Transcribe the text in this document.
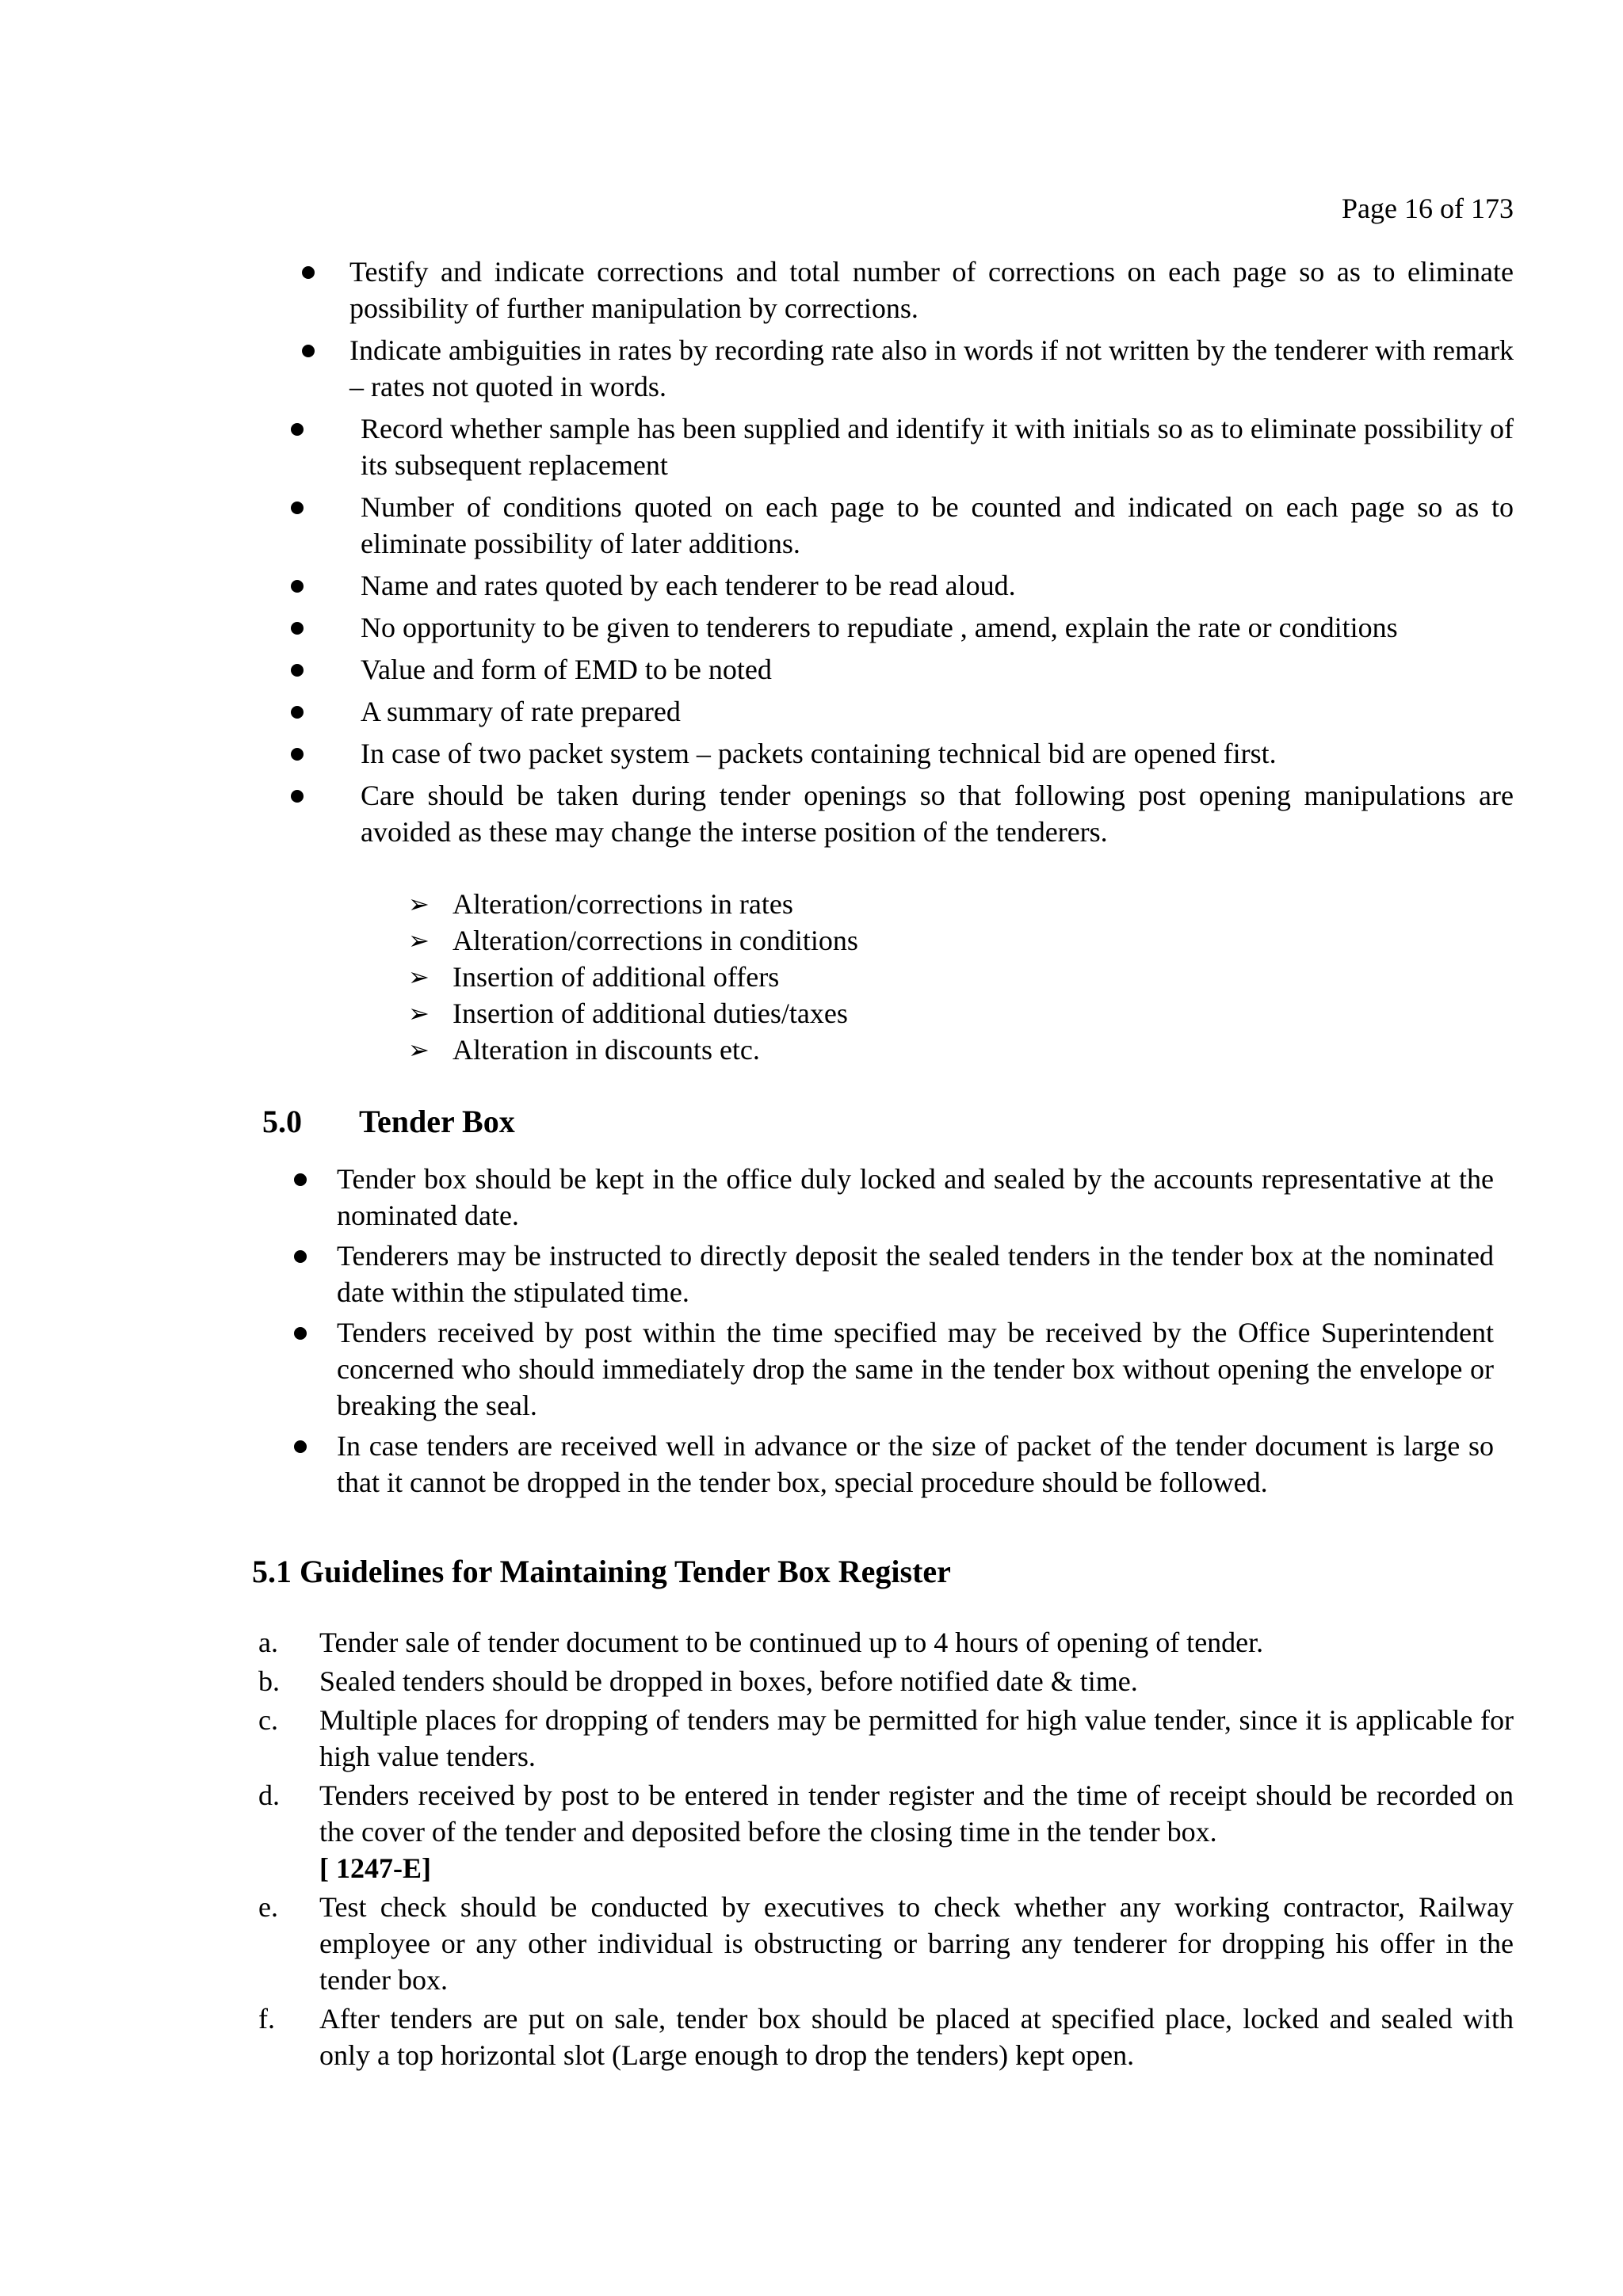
Page 16 of 173
Testify and indicate corrections and total number of corrections on each page so as to eliminate possibility of further manipulation by corrections.
Indicate ambiguities in rates by recording rate also in words if not written by the tenderer with remark – rates not quoted in words.
Record whether sample has been supplied and identify it with initials so as to eliminate possibility of its subsequent replacement
Number of conditions quoted on each page to be counted and indicated on each page so as to eliminate possibility of later additions.
Name and rates quoted by each tenderer to be read aloud.
No opportunity to be given to tenderers to repudiate , amend, explain the rate or conditions
Value and form of EMD to be noted
A summary of rate prepared
In case of two packet system – packets containing technical bid are opened first.
Care should be taken during tender openings so that following post opening manipulations are avoided as these may change the interse position of the tenderers.
➢ Alteration/corrections in rates
➢ Alteration/corrections in conditions
➢ Insertion of additional offers
➢ Insertion of additional duties/taxes
➢ Alteration in discounts etc.
5.0 Tender Box
Tender box should be kept in the office duly locked and sealed by the accounts representative at the nominated date.
Tenderers may be instructed to directly deposit the sealed tenders in the tender box at the nominated date within the stipulated time.
Tenders received by post within the time specified may be received by the Office Superintendent concerned who should immediately drop the same in the tender box without opening the envelope or breaking the seal.
In case tenders are received well in advance or the size of packet of the tender document is large so that it cannot be dropped in the tender box, special procedure should be followed.
5.1 Guidelines for Maintaining Tender Box Register
a. Tender sale of tender document to be continued up to 4 hours of opening of tender.
b. Sealed tenders should be dropped in boxes, before notified date & time.
c. Multiple places for dropping of tenders may be permitted for high value tender, since it is applicable for high value tenders.
d. Tenders received by post to be entered in tender register and the time of receipt should be recorded on the cover of the tender and deposited before the closing time in the tender box.
[ 1247-E]
e. Test check should be conducted by executives to check whether any working contractor, Railway employee or any other individual is obstructing or barring any tenderer for dropping his offer in the tender box.
f. After tenders are put on sale, tender box should be placed at specified place, locked and sealed with only a top horizontal slot (Large enough to drop the tenders) kept open.
